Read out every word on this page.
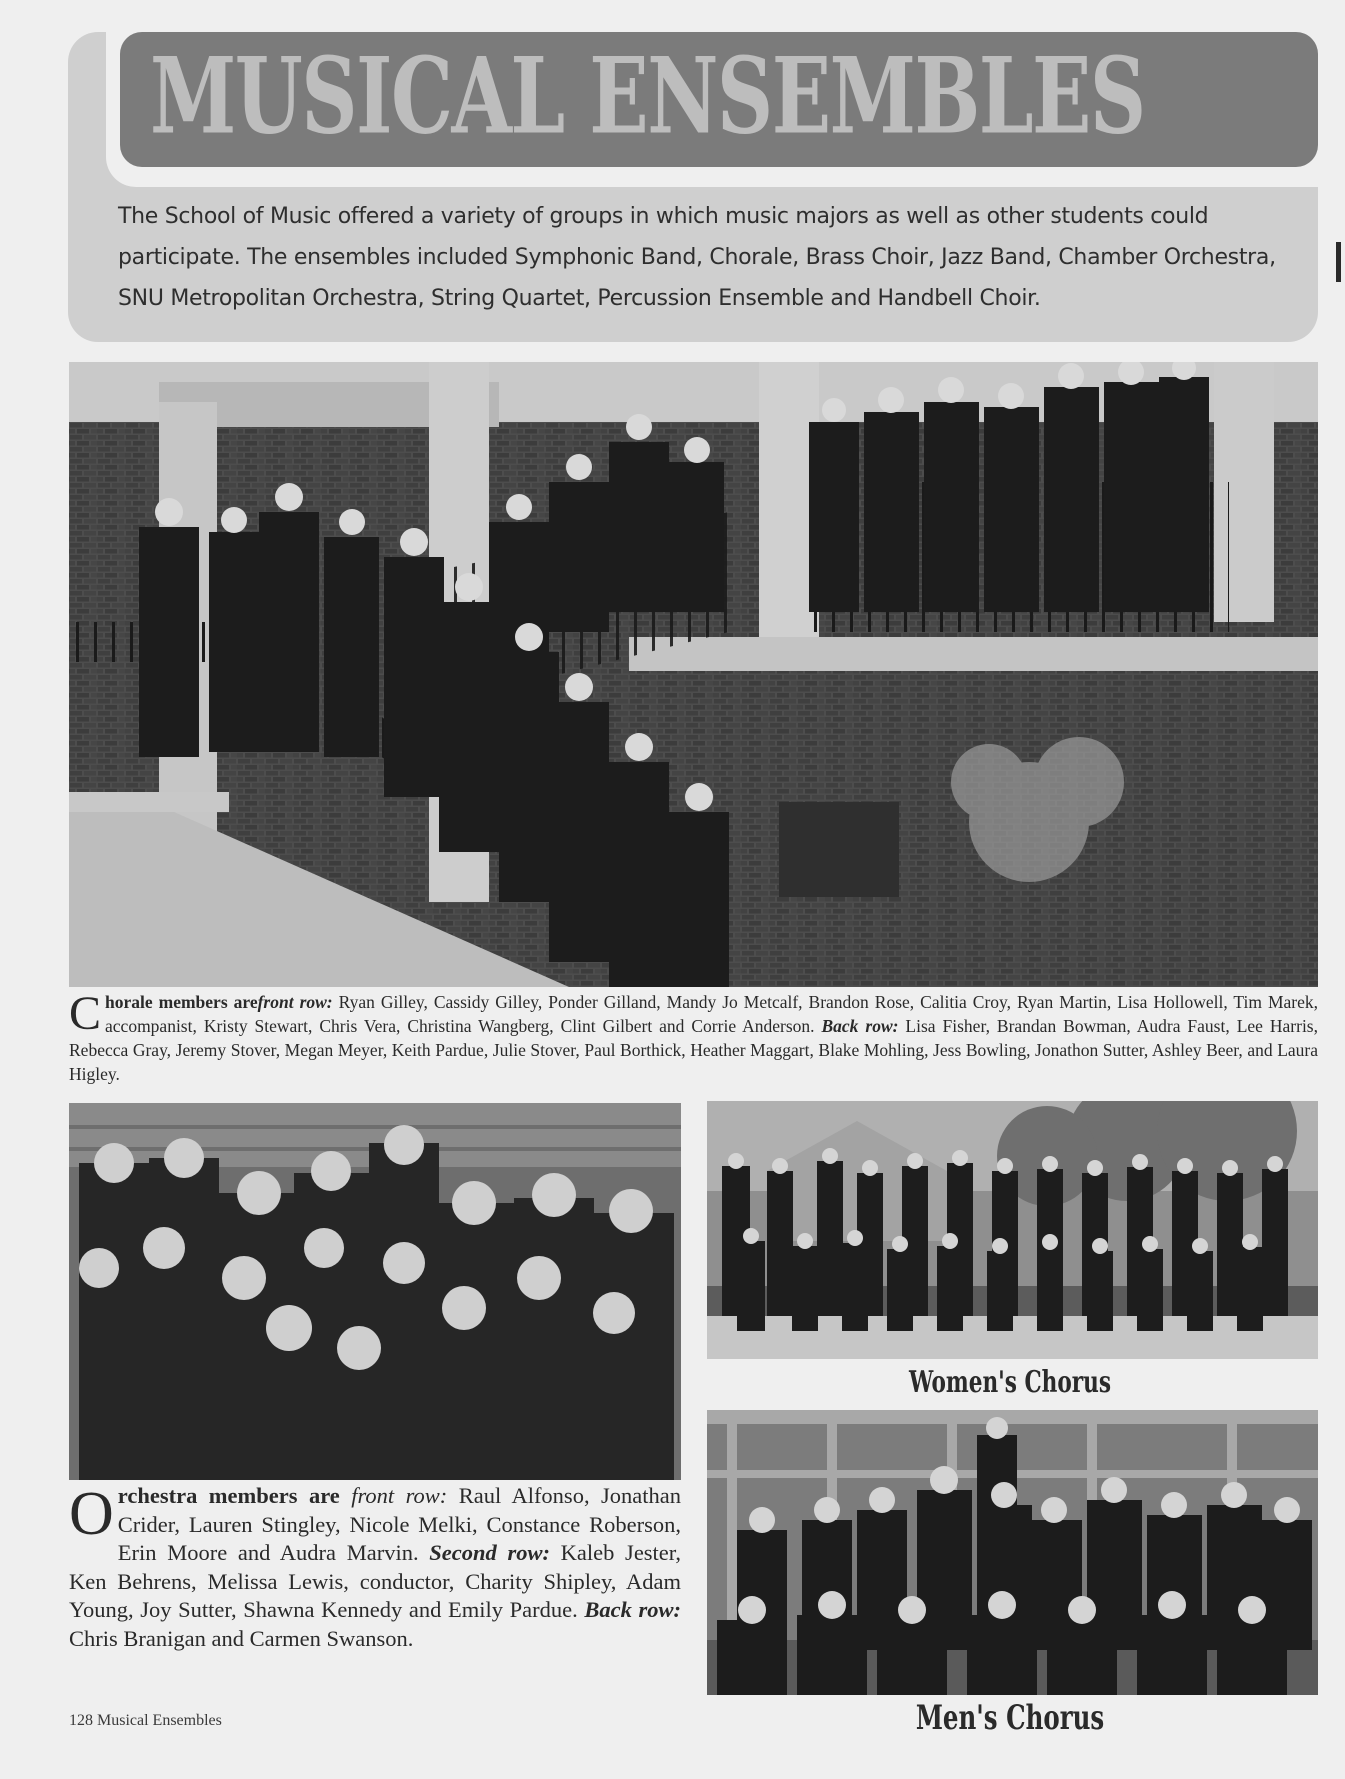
MUSICAL ENSEMBLES
The School of Music offered a variety of groups in which music majors as well as other students could participate. The ensembles included Symphonic Band, Chorale, Brass Choir, Jazz Band, Chamber Orchestra, SNU Metropolitan Orchestra, String Quartet, Percussion Ensemble and Handbell Choir.
Chorale members arefront row: Ryan Gilley, Cassidy Gilley, Ponder Gilland, Mandy Jo Metcalf, Brandon Rose, Calitia Croy, Ryan Martin, Lisa Hollowell, Tim Marek, accompanist, Kristy Stewart, Chris Vera, Christina Wangberg, Clint Gilbert and Corrie Anderson. Back row: Lisa Fisher, Brandan Bowman, Audra Faust, Lee Harris, Rebecca Gray, Jeremy Stover, Megan Meyer, Keith Pardue, Julie Stover, Paul Borthick, Heather Maggart, Blake Mohling, Jess Bowling, Jonathon Sutter, Ashley Beer, and Laura Higley.
Orchestra members are front row: Raul Alfonso, Jonathan Crider, Lauren Stingley, Nicole Melki, Constance Roberson, Erin Moore and Audra Marvin. Second row: Kaleb Jester, Ken Behrens, Melissa Lewis, conductor, Charity Shipley, Adam Young, Joy Sutter, Shawna Kennedy and Emily Pardue. Back row: Chris Branigan and Carmen Swanson.
Women's Chorus
Men's Chorus
128 Musical Ensembles
